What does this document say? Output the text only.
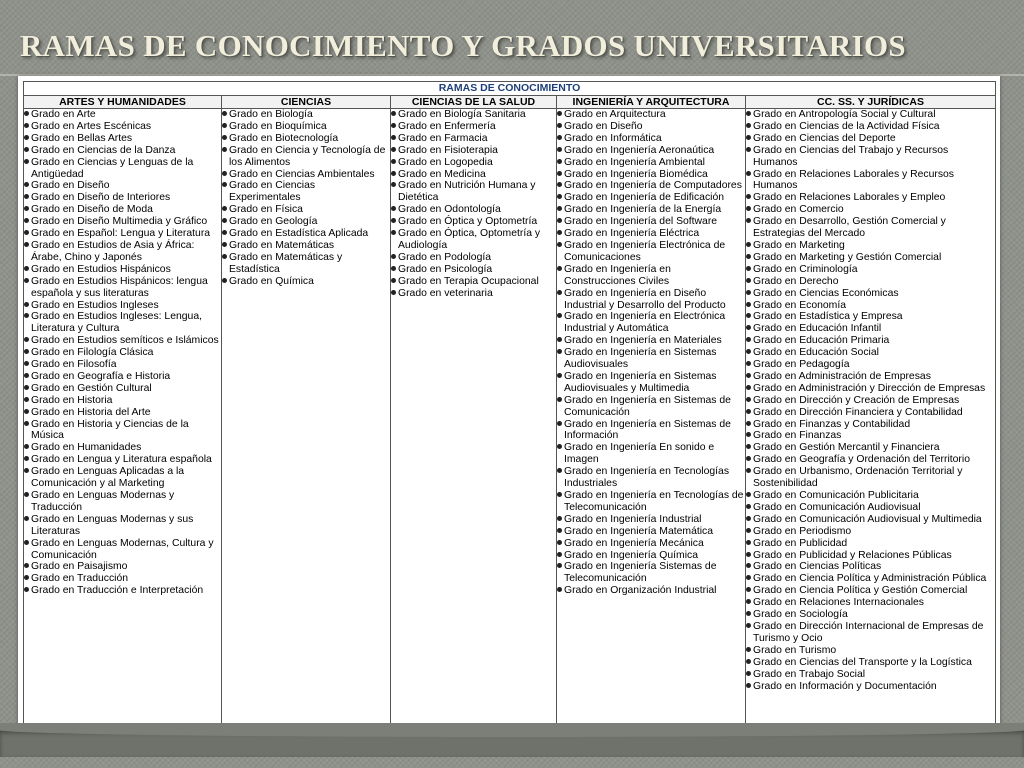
RAMAS DE CONOCIMIENTO Y GRADOS UNIVERSITARIOS
RAMAS DE CONOCIMIENTO
ARTES Y HUMANIDADES
Grado en Arte
Grado en Artes Escénicas
Grado en Bellas Artes
Grado en Ciencias de la Danza
Grado en Ciencias y Lenguas de la Antigüedad
Grado en Diseño
Grado en Diseño de Interiores
Grado en Diseño de Moda
Grado en Diseño Multimedia y Gráfico
Grado en Español: Lengua y Literatura
Grado en Estudios de Asia y África: Árabe, Chino y Japonés
Grado en Estudios Hispánicos
Grado en Estudios Hispánicos: lengua española y sus literaturas
Grado en Estudios Ingleses
Grado en Estudios Ingleses: Lengua, Literatura y Cultura
Grado en Estudios semíticos e Islámicos
Grado en Filología Clásica
Grado en Filosofía
Grado en Geografía e Historia
Grado en Gestión Cultural
Grado en Historia
Grado en Historia del Arte
Grado en Historia y Ciencias de la Música
Grado en Humanidades
Grado en Lengua y Literatura española
Grado en Lenguas Aplicadas a la Comunicación y al Marketing
Grado en Lenguas Modernas y Traducción
Grado en Lenguas Modernas y sus Literaturas
Grado en Lenguas Modernas, Cultura y Comunicación
Grado en Paisajismo
Grado en Traducción
Grado en Traducción e Interpretación
CIENCIAS
Grado en Biología
Grado en Bioquímica
Grado en Biotecnología
Grado en Ciencia y Tecnología de los Alimentos
Grado en Ciencias Ambientales
Grado en Ciencias Experimentales
Grado en Física
Grado en Geología
Grado en Estadística Aplicada
Grado en Matemáticas
Grado en Matemáticas y Estadística
Grado en Química
CIENCIAS DE LA SALUD
Grado en Biología Sanitaria
Grado en Enfermería
Grado en Farmacia
Grado en Fisioterapia
Grado en Logopedia
Grado en Medicina
Grado en Nutrición Humana y Dietética
Grado en Odontología
Grado en Óptica y Optometría
Grado en Óptica, Optometría y Audiología
Grado en Podología
Grado en Psicología
Grado en Terapia Ocupacional
Grado en veterinaria
INGENIERÍA Y ARQUITECTURA
Grado en Arquitectura
Grado en Diseño
Grado en Informática
Grado en Ingeniería Aeronaútica
Grado en Ingeniería Ambiental
Grado en Ingeniería Biomédica
Grado en Ingeniería de Computadores
Grado en Ingeniería de Edificación
Grado en Ingeniería de la Energía
Grado en Ingeniería del Software
Grado en Ingeniería Eléctrica
Grado en Ingeniería Electrónica de Comunicaciones
Grado en Ingeniería en Construcciones Civiles
Grado en Ingeniería en Diseño Industrial y Desarrollo del Producto
Grado en Ingeniería en Electrónica Industrial y Automática
Grado en Ingeniería en Materiales
Grado en Ingeniería en Sistemas Audiovisuales
Grado en Ingeniería en Sistemas Audiovisuales y Multimedia
Grado en Ingeniería en Sistemas de Comunicación
Grado en Ingeniería en Sistemas de Información
Grado en Ingeniería En sonido e Imagen
Grado en Ingeniería en Tecnologías Industriales
Grado en Ingeniería en Tecnologías de Telecomunicación
Grado en Ingeniería Industrial
Grado en Ingeniería Matemática
Grado en Ingeniería Mecánica
Grado en Ingeniería Química
Grado en Ingeniería Sistemas de Telecomunicación
Grado en Organización Industrial
CC. SS. Y JURÍDICAS
Grado en Antropología Social y Cultural
Grado en Ciencias de la Actividad Física
Grado en Ciencias del Deporte
Grado en Ciencias del Trabajo y Recursos Humanos
Grado en Relaciones Laborales y Recursos Humanos
Grado en Relaciones Laborales y Empleo
Grado en Comercio
Grado en Desarrollo, Gestión Comercial y Estrategias del Mercado
Grado en Marketing
Grado en Marketing y Gestión Comercial
Grado en Criminología
Grado en Derecho
Grado en Ciencias Económicas
Grado en Economía
Grado en Estadística y Empresa
Grado en Educación Infantil
Grado en Educación Primaria
Grado en Educación Social
Grado en Pedagogía
Grado en Administración de Empresas
Grado en Administración y Dirección de Empresas
Grado en Dirección y Creación de Empresas
Grado en Dirección Financiera y Contabilidad
Grado en Finanzas y Contabilidad
Grado en Finanzas
Grado en Gestión Mercantil y Financiera
Grado en Geografía y Ordenación del Territorio
Grado en Urbanismo, Ordenación Territorial y Sostenibilidad
Grado en Comunicación Publicitaria
Grado en Comunicación Audiovisual
Grado en Comunicación Audiovisual y Multimedia
Grado en Periodismo
Grado en Publicidad
Grado en Publicidad y Relaciones Públicas
Grado en Ciencias Políticas
Grado en Ciencia Política y Administración Pública
Grado en Ciencia Política y Gestión Comercial
Grado en Relaciones Internacionales
Grado en Sociología
Grado en Dirección Internacional de Empresas de Turismo y Ocio
Grado en Turismo
Grado en Ciencias del Transporte y la Logística
Grado en Trabajo Social
Grado en Información y Documentación
